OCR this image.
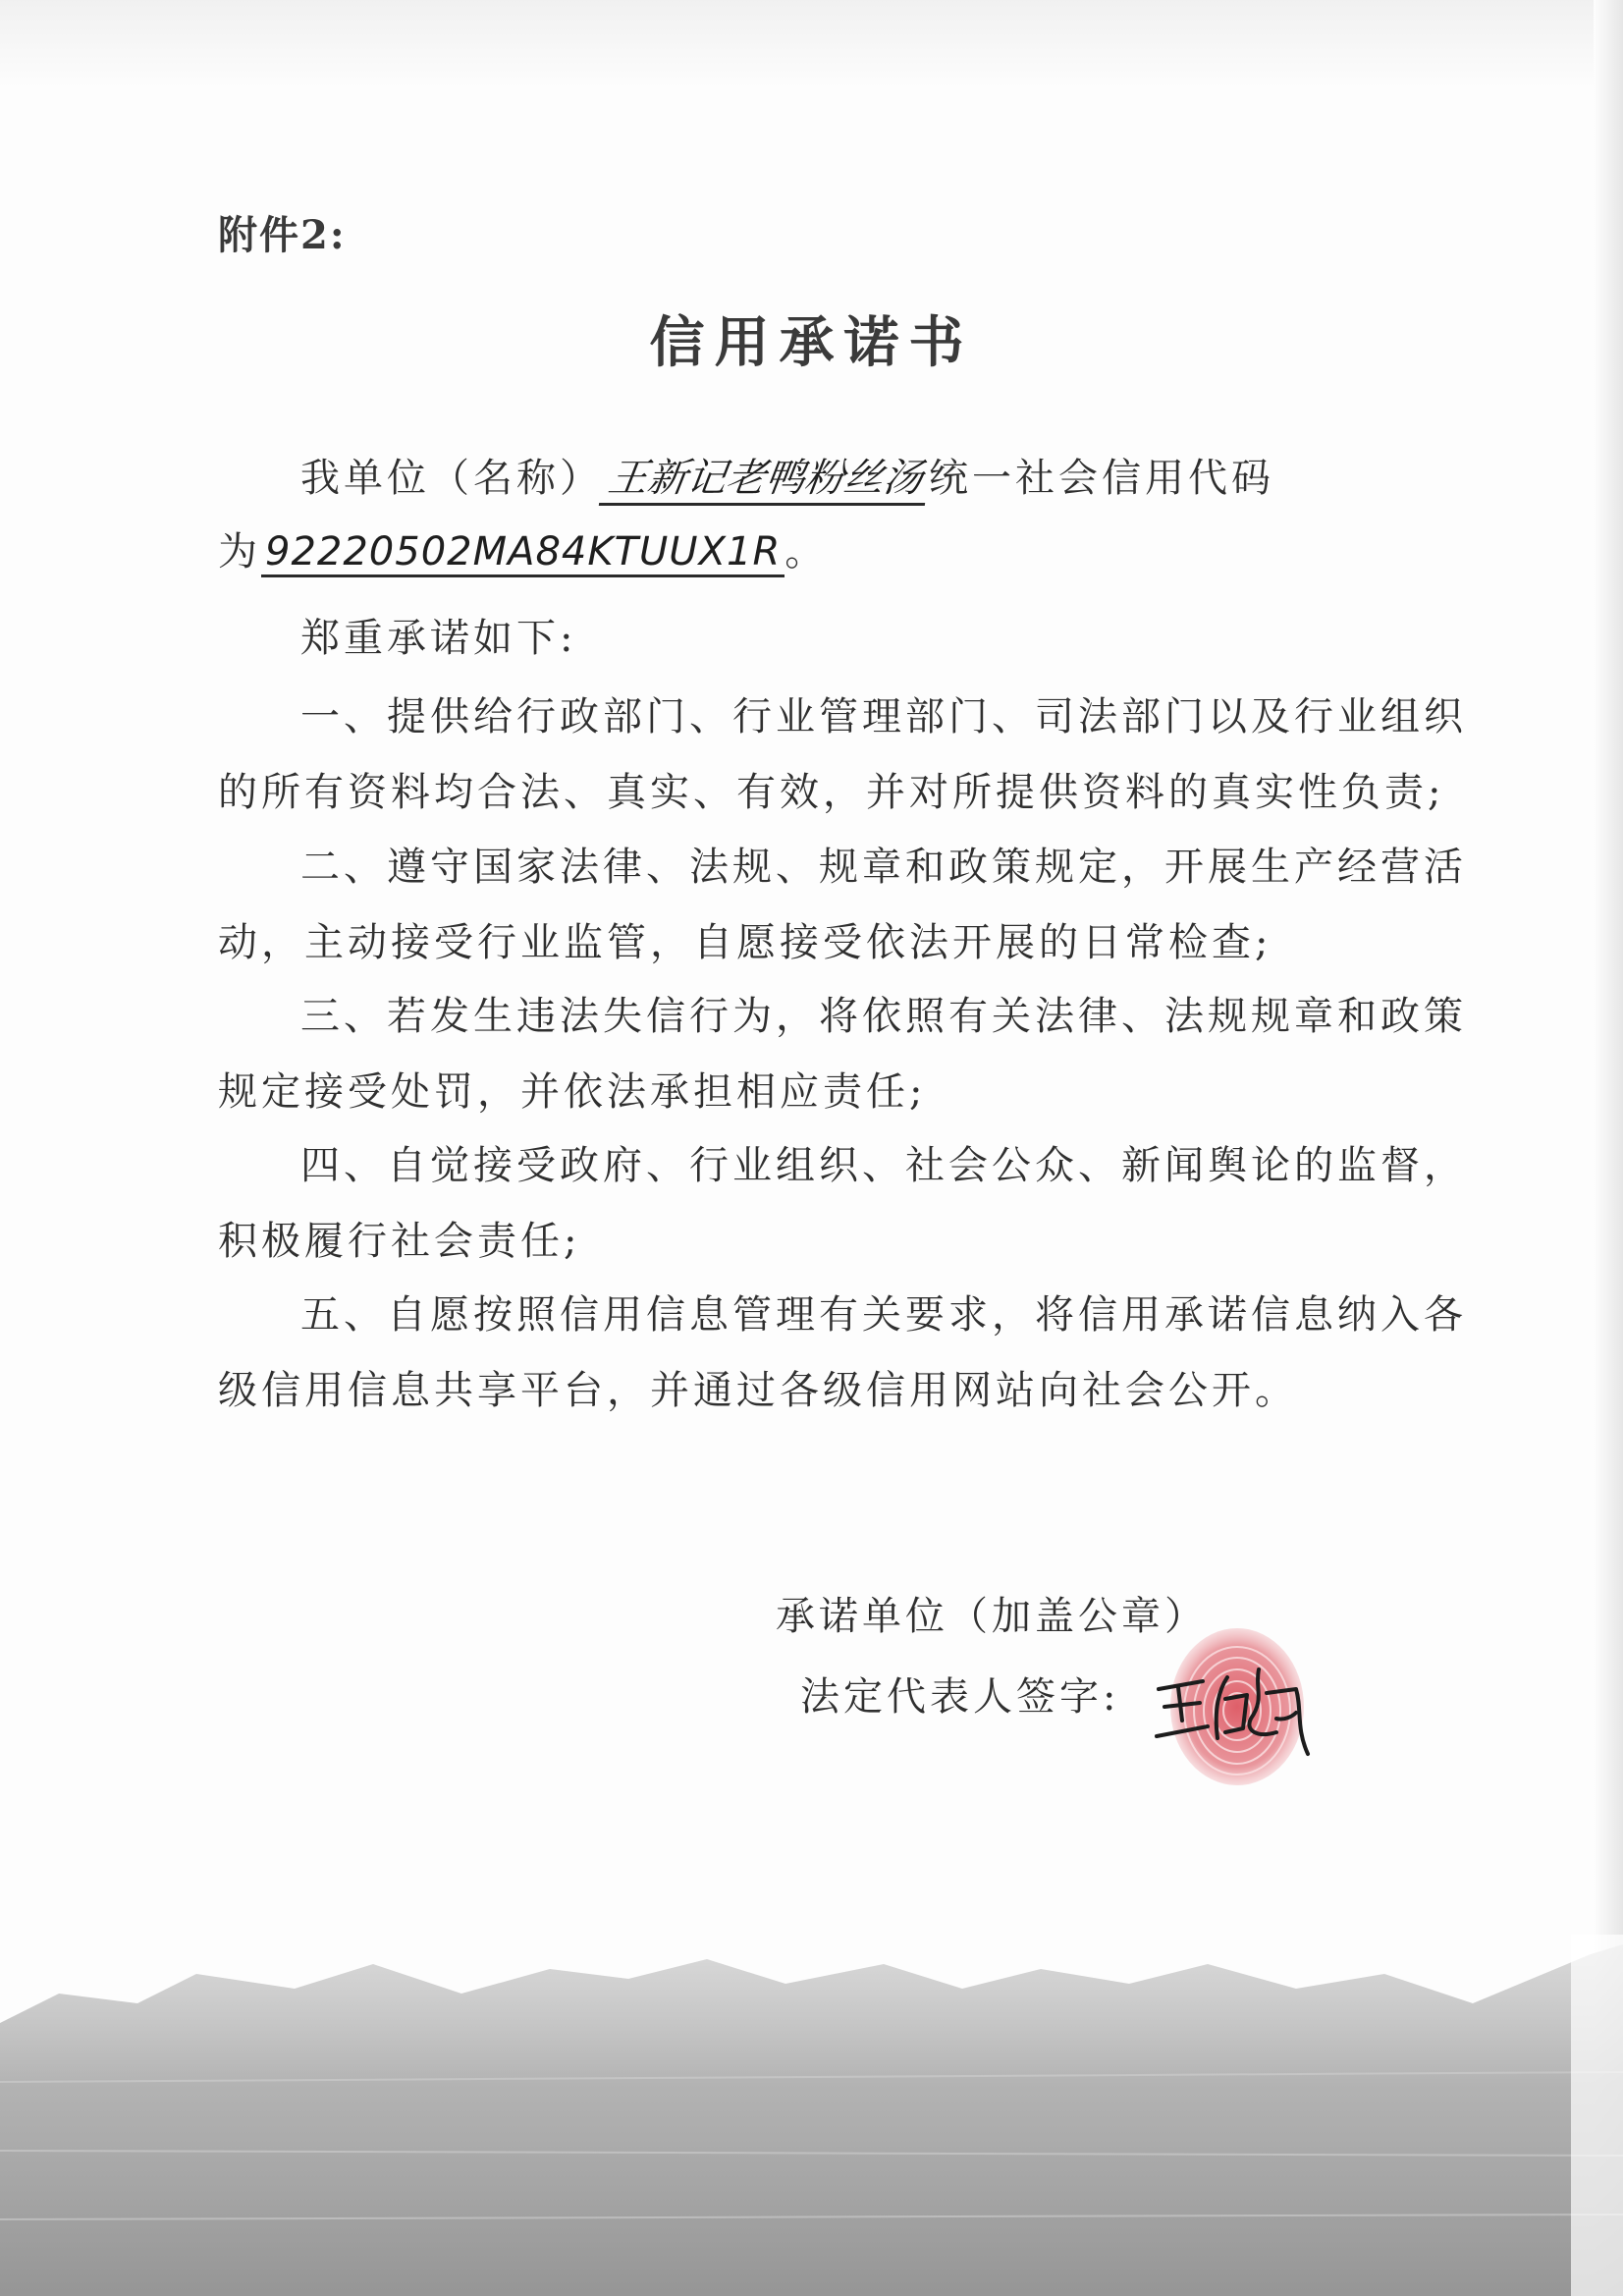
附件2:
信用承诺书
我单位（名称）王新记老鸭粉丝汤统一社会信用代码
为 92220502MA84KTUUX1R 。
郑重承诺如下:
一、提供给行政部门、行业管理部门、司法部门以及行业组织
的所有资料均合法、真实、有效，并对所提供资料的真实性负责;
二、遵守国家法律、法规、规章和政策规定，开展生产经营活
动，主动接受行业监管，自愿接受依法开展的日常检查;
三、若发生违法失信行为，将依照有关法律、法规规章和政策
规定接受处罚，并依法承担相应责任;
四、自觉接受政府、行业组织、社会公众、新闻舆论的监督，
积极履行社会责任;
五、自愿按照信用信息管理有关要求，将信用承诺信息纳入各
级信用信息共享平台，并通过各级信用网站向社会公开。
承诺单位（加盖公章）
法定代表人签字:
